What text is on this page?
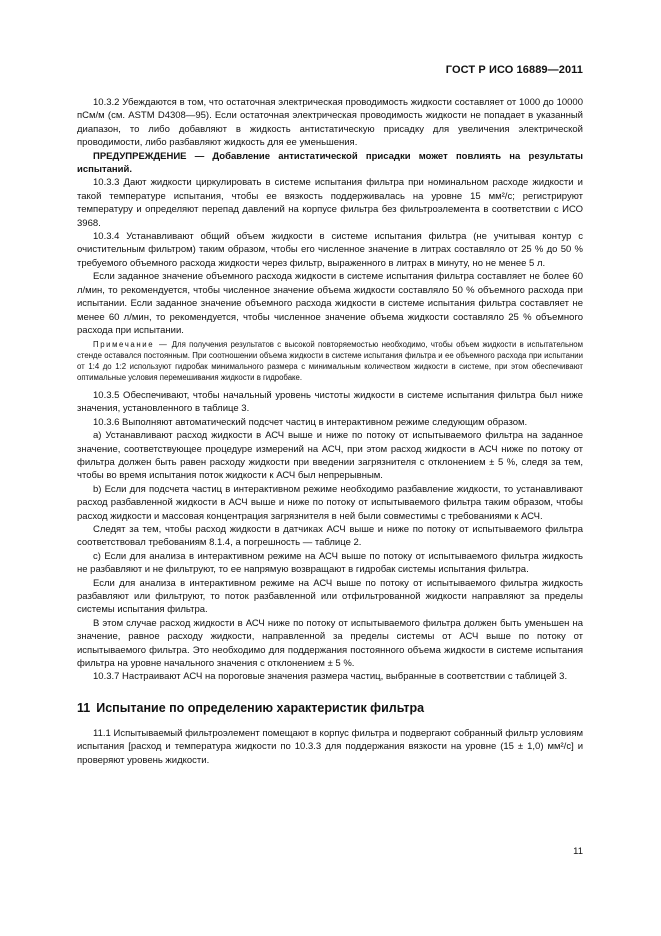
ГОСТ Р ИСО 16889—2011

10.3.2 Убеждаются в том, что остаточная электрическая проводимость жидкости составляет от 1000 до 10000 пСм/м (см. ASTM D4308—95). Если остаточная электрическая проводимость жидкости не попадает в указанный диапазон, то либо добавляют в жидкость антистатическую присадку для увеличения электрической проводимости, либо разбавляют жидкость для ее уменьшения.

ПРЕДУПРЕЖДЕНИЕ — Добавление антистатической присадки может повлиять на результаты испытаний.

10.3.3 Дают жидкости циркулировать в системе испытания фильтра при номинальном расходе жидкости и такой температуре испытания, чтобы ее вязкость поддерживалась на уровне 15 мм²/с; регистрируют температуру и определяют перепад давлений на корпусе фильтра без фильтроэлемента в соответствии с ИСО 3968.

10.3.4 Устанавливают общий объем жидкости в системе испытания фильтра (не учитывая контур с очистительным фильтром) таким образом, чтобы его численное значение в литрах составляло от 25 % до 50 % требуемого объемного расхода жидкости через фильтр, выраженного в литрах в минуту, но не менее 5 л.

Если заданное значение объемного расхода жидкости в системе испытания фильтра составляет не более 60 л/мин, то рекомендуется, чтобы численное значение объема жидкости составляло 50 % объемного расхода при испытании. Если заданное значение объемного расхода жидкости в системе испытания фильтра составляет не менее 60 л/мин, то рекомендуется, чтобы численное значение объема жидкости составляло 25 % объемного расхода при испытании.

Примечание — Для получения результатов с высокой повторяемостью необходимо, чтобы объем жидкости в испытательном стенде оставался постоянным. При соотношении объема жидкости в системе испытания фильтра и ее объемного расхода при испытании от 1:4 до 1:2 используют гидробак минимального размера с минимальным количеством жидкости в системе, при этом обеспечивают оптимальные условия перемешивания жидкости в гидробаке.

10.3.5 Обеспечивают, чтобы начальный уровень чистоты жидкости в системе испытания фильтра был ниже значения, установленного в таблице 3.

10.3.6 Выполняют автоматический подсчет частиц в интерактивном режиме следующим образом.

a) Устанавливают расход жидкости в АСЧ выше и ниже по потоку от испытываемого фильтра на заданное значение, соответствующее процедуре измерений на АСЧ, при этом расход жидкости в АСЧ ниже по потоку от фильтра должен быть равен расходу жидкости при введении загрязнителя с отклонением ± 5 %, следя за тем, чтобы во время испытания поток жидкости к АСЧ был непрерывным.

b) Если для подсчета частиц в интерактивном режиме необходимо разбавление жидкости, то устанавливают расход разбавленной жидкости в АСЧ выше и ниже по потоку от испытываемого фильтра таким образом, чтобы расход жидкости и массовая концентрация загрязнителя в ней были совместимы с требованиями к АСЧ.

Следят за тем, чтобы расход жидкости в датчиках АСЧ выше и ниже по потоку от испытываемого фильтра соответствовал требованиям 8.1.4, а погрешность — таблице 2.

c) Если для анализа в интерактивном режиме на АСЧ выше по потоку от испытываемого фильтра жидкость не разбавляют и не фильтруют, то ее напрямую возвращают в гидробак системы испытания фильтра.

Если для анализа в интерактивном режиме на АСЧ выше по потоку от испытываемого фильтра жидкость разбавляют или фильтруют, то поток разбавленной или отфильтрованной жидкости направляют за пределы системы испытания фильтра.

В этом случае расход жидкости в АСЧ ниже по потоку от испытываемого фильтра должен быть уменьшен на значение, равное расходу жидкости, направленной за пределы системы от АСЧ выше по потоку от испытываемого фильтра. Это необходимо для поддержания постоянного объема жидкости в системе испытания фильтра на уровне начального значения с отклонением ± 5 %.

10.3.7 Настраивают АСЧ на пороговые значения размера частиц, выбранные в соответствии с таблицей 3.

11 Испытание по определению характеристик фильтра

11.1 Испытываемый фильтроэлемент помещают в корпус фильтра и подвергают собранный фильтр условиям испытания [расход и температура жидкости по 10.3.3 для поддержания вязкости на уровне (15 ± 1,0) мм²/с] и проверяют уровень жидкости.

11
